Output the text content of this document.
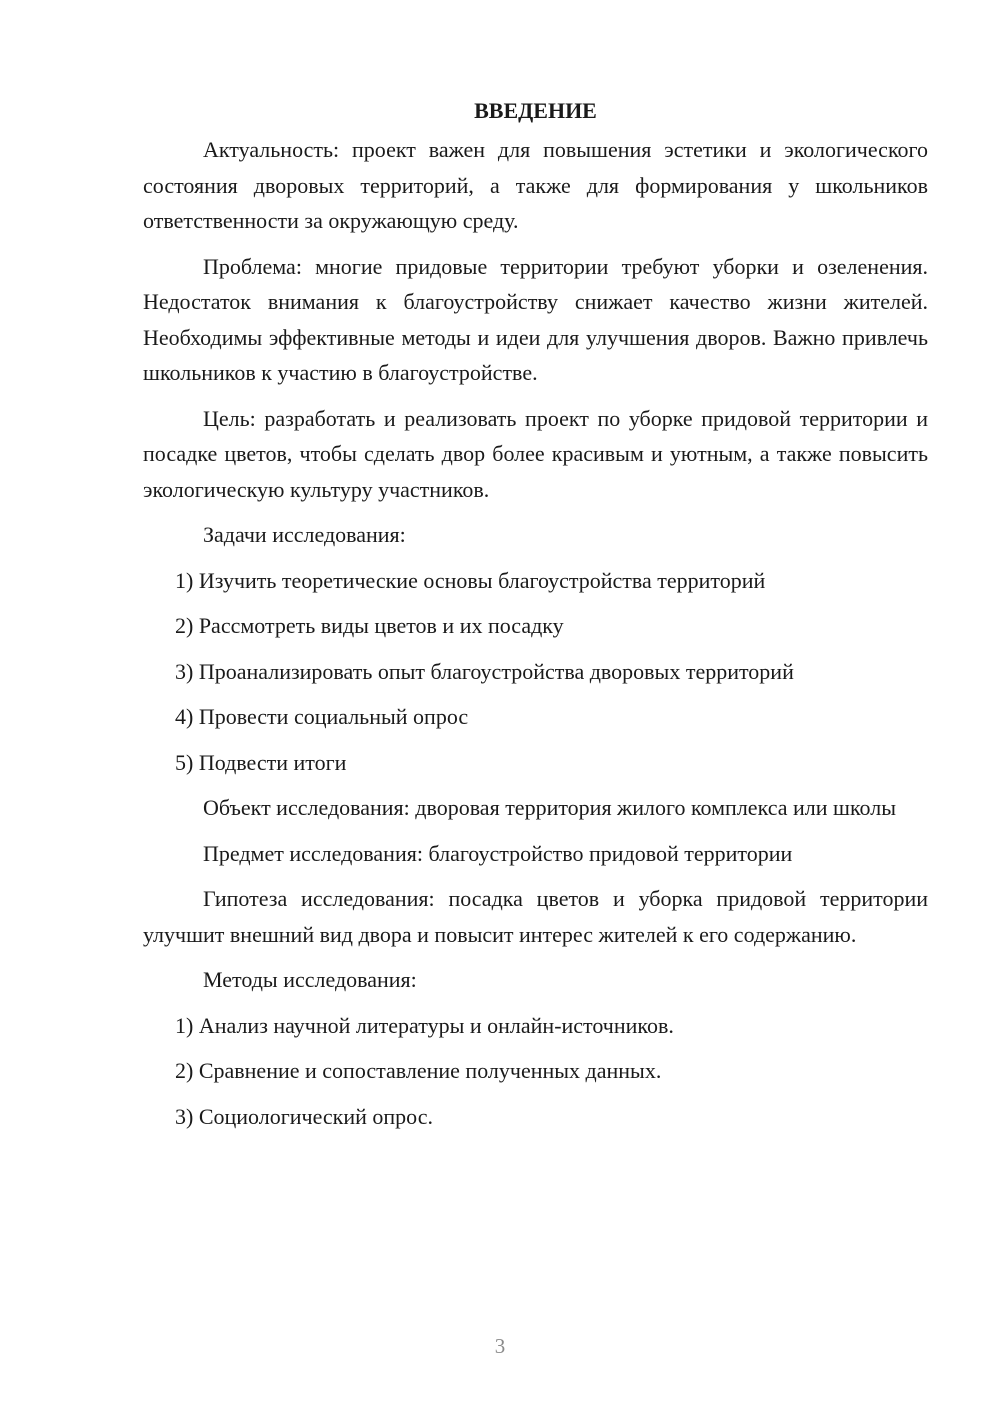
ВВЕДЕНИЕ

Актуальность: проект важен для повышения эстетики и экологического состояния дворовых территорий, а также для формирования у школьников ответственности за окружающую среду.

Проблема: многие придовые территории требуют уборки и озеленения. Недостаток внимания к благоустройству снижает качество жизни жителей. Необходимы эффективные методы и идеи для улучшения дворов. Важно привлечь школьников к участию в благоустройстве.

Цель: разработать и реализовать проект по уборке придовой территории и посадке цветов, чтобы сделать двор более красивым и уютным, а также повысить экологическую культуру участников.

Задачи исследования:

1) Изучить теоретические основы благоустройства территорий
2) Рассмотреть виды цветов и их посадку
3) Проанализировать опыт благоустройства дворовых территорий
4) Провести социальный опрос
5) Подвести итоги

Объект исследования: дворовая территория жилого комплекса или школы

Предмет исследования: благоустройство придовой территории

Гипотеза исследования: посадка цветов и уборка придовой территории улучшит внешний вид двора и повысит интерес жителей к его содержанию.

Методы исследования:

1) Анализ научной литературы и онлайн-источников.
2) Сравнение и сопоставление полученных данных.
3) Социологический опрос.
3
